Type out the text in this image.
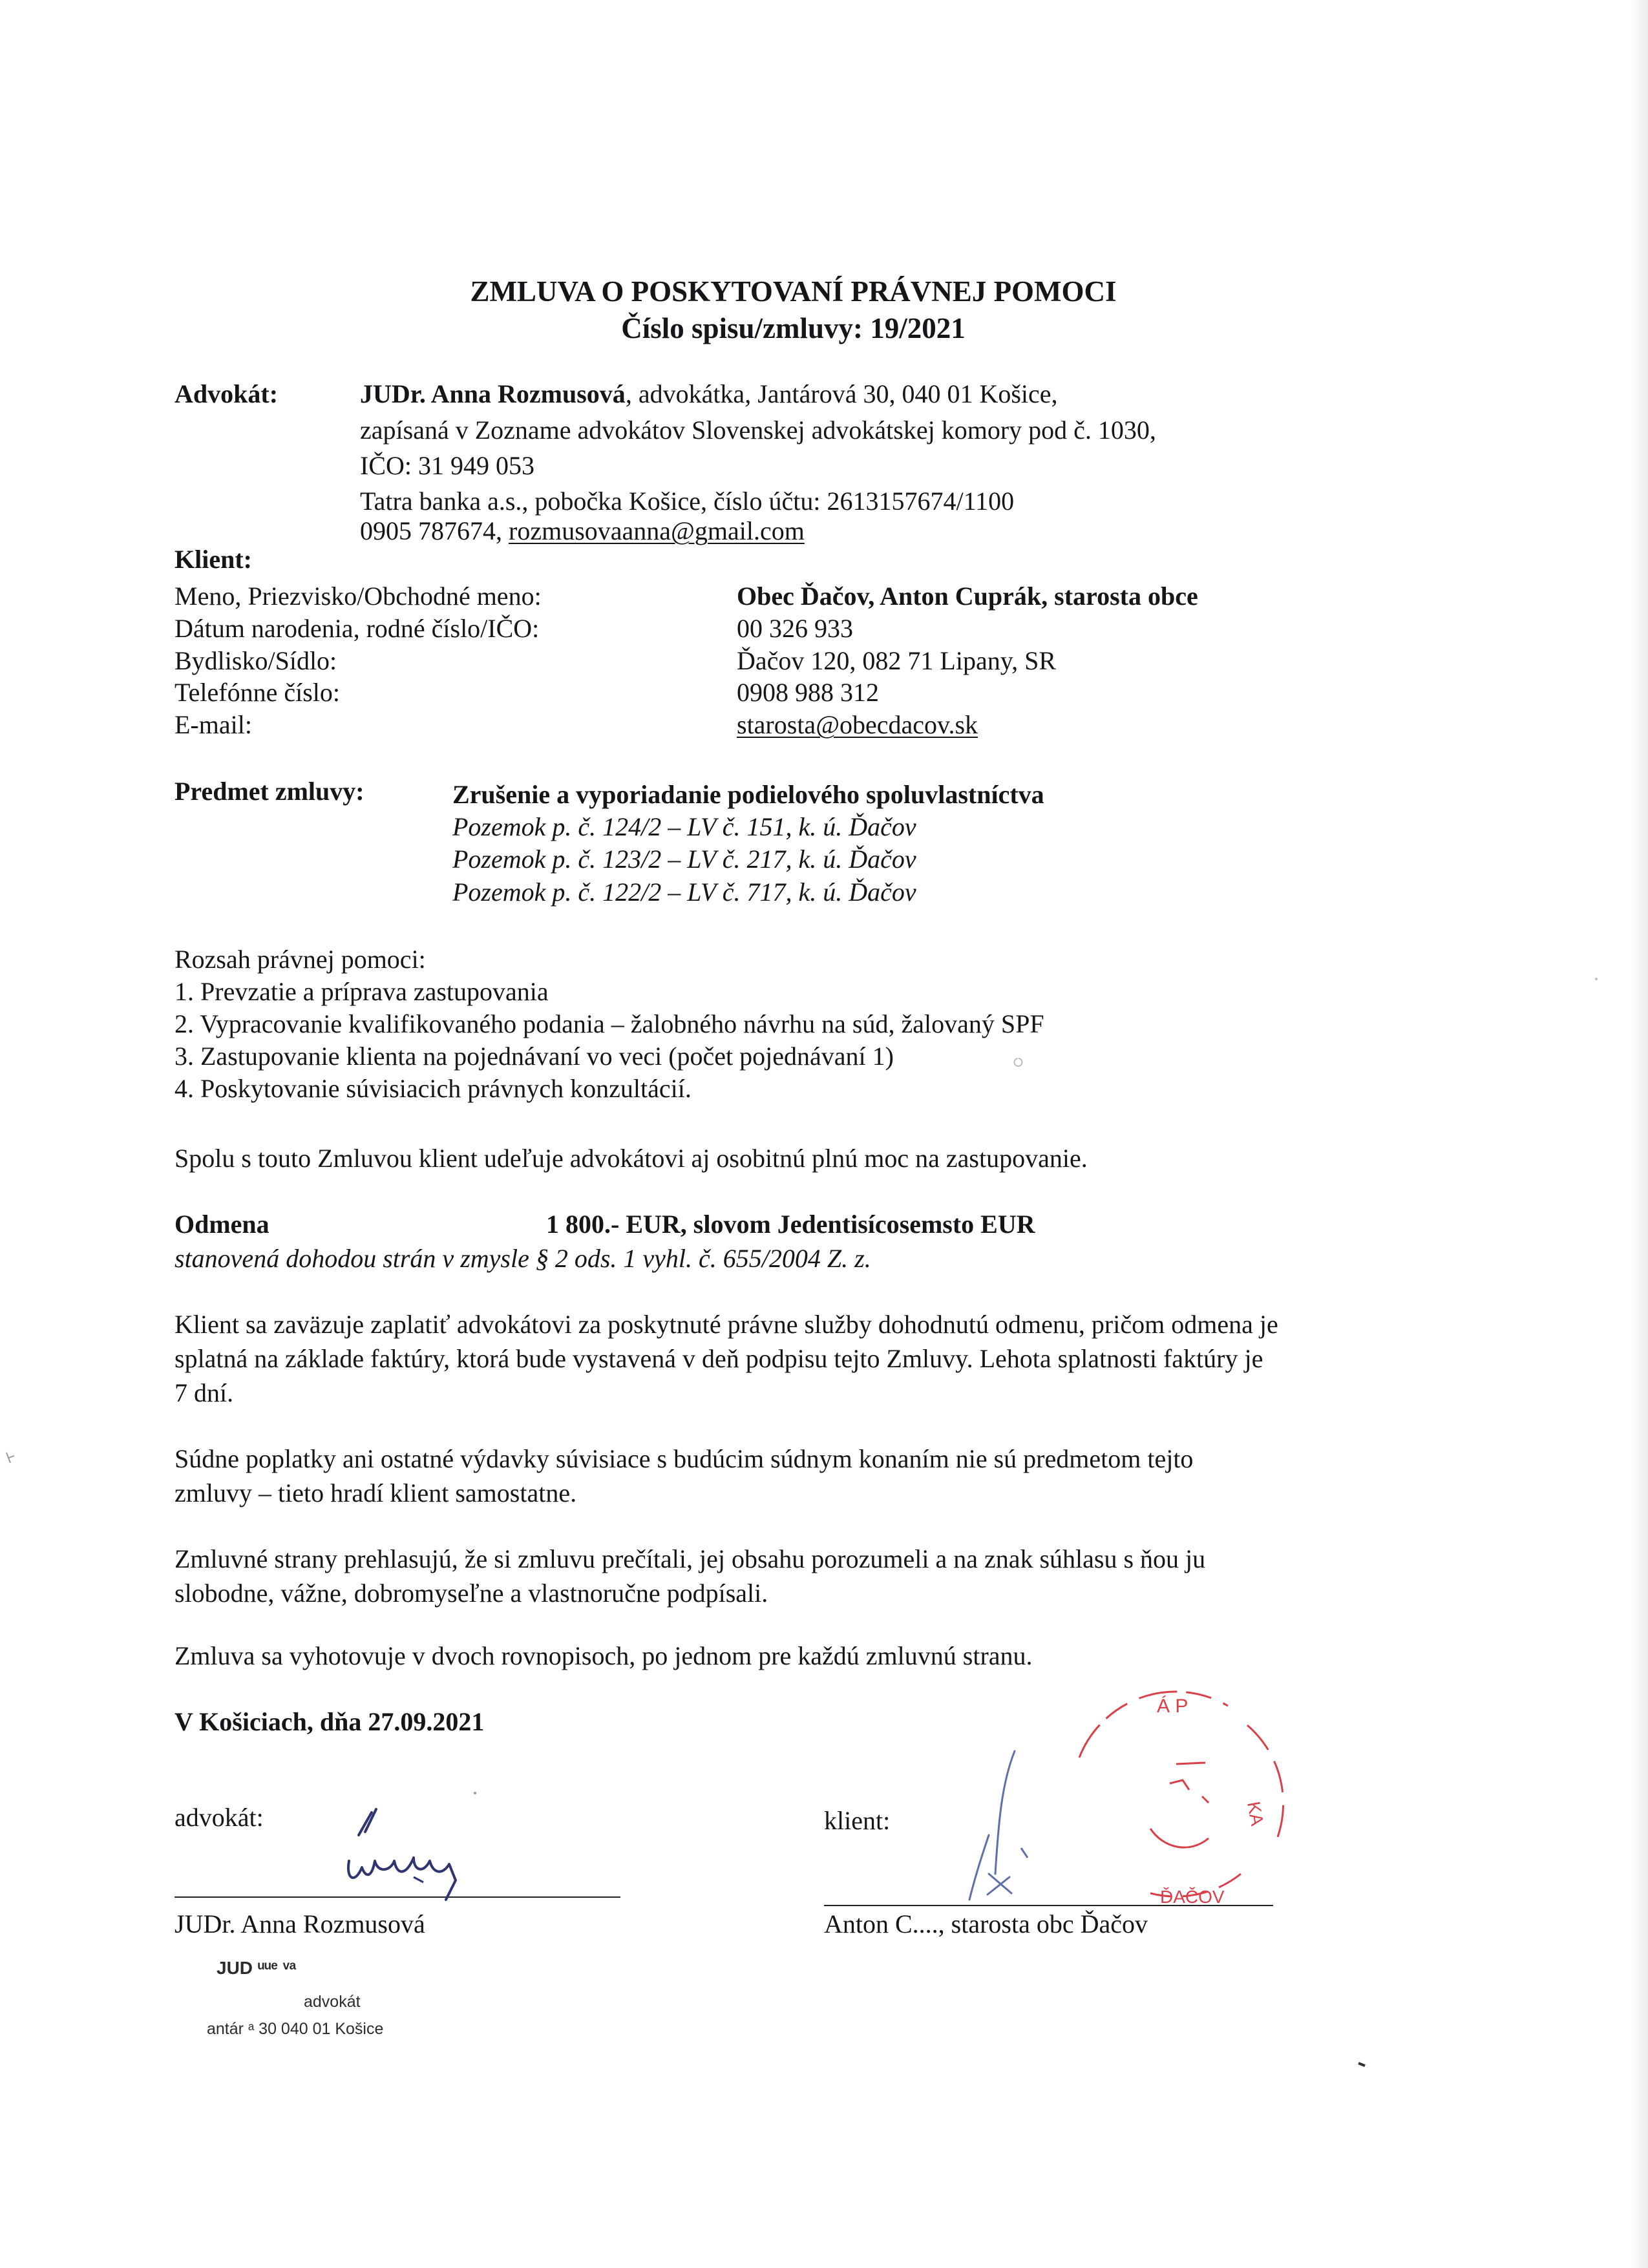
ZMLUVA O POSKYTOVANÍ PRÁVNEJ POMOCI
Číslo spisu/zmluvy: 19/2021
Advokát:	JUDr. Anna Rozmusová, advokátka, Jantárová 30, 040 01 Košice,
zapísaná v Zozname advokátov Slovenskej advokátskej komory pod č. 1030,
IČO: 31 949 053
Tatra banka a.s., pobočka Košice, číslo účtu: 2613157674/1100
0905 787674, rozmusovaanna@gmail.com
Klient:
Meno, Priezvisko/Obchodné meno:	Obec Ďačov, Anton Cuprák, starosta obce
Dátum narodenia, rodné číslo/IČO:	00 326 933
Bydlisko/Sídlo:	Ďačov 120, 082 71 Lipany, SR
Telefónne číslo:	0908 988 312
E-mail:	starosta@obecdacov.sk
Predmet zmluvy:	Zrušenie a vyporiadanie podielového spoluvlastníctva
Pozemok p. č. 124/2 – LV č. 151, k. ú. Ďačov
Pozemok p. č. 123/2 – LV č. 217, k. ú. Ďačov
Pozemok p. č. 122/2 – LV č. 717, k. ú. Ďačov
Rozsah právnej pomoci:
1. Prevzatie a príprava zastupovania
2. Vypracovanie kvalifikovaného podania – žalobného návrhu na súd, žalovaný SPF
3. Zastupovanie klienta na pojednávaní vo veci (počet pojednávaní 1)
4. Poskytovanie súvisiacich právnych konzultácií.
Spolu s touto Zmluvou klient udeľuje advokátovi aj osobitnú plnú moc na zastupovanie.
Odmena	1 800.- EUR, slovom Jedentisícosemsto EUR
stanovená dohodou strán v zmysle § 2 ods. 1 vyhl. č. 655/2004 Z. z.
Klient sa zaväzuje zaplatiť advokátovi za poskytnuté právne služby dohodnutú odmenu, pričom odmena je
splatná na základe faktúry, ktorá bude vystavená v deň podpisu tejto Zmluvy. Lehota splatnosti faktúry je
7 dní.
Súdne poplatky ani ostatné výdavky súvisiace s budúcim súdnym konaním nie sú predmetom tejto
zmluvy – tieto hradí klient samostatne.
Zmluvné strany prehlasujú, že si zmluvu prečítali, jej obsahu porozumeli a na znak súhlasu s ňou ju
slobodne, vážne, dobromyseľne a vlastnoručne podpísali.
Zmluva sa vyhotovuje v dvoch rovnopisoch, po jednom pre každú zmluvnú stranu.
V Košiciach, dňa 27.09.2021
advokát:	klient:
JUDr. Anna Rozmusová	Anton C...., starosta obc Ďačov
Á P
KA
ĎAČOV
JUD ᵘᵘᵉ ᵛᵃ
advokát
antár ᵃ 30 040 01 Košice
